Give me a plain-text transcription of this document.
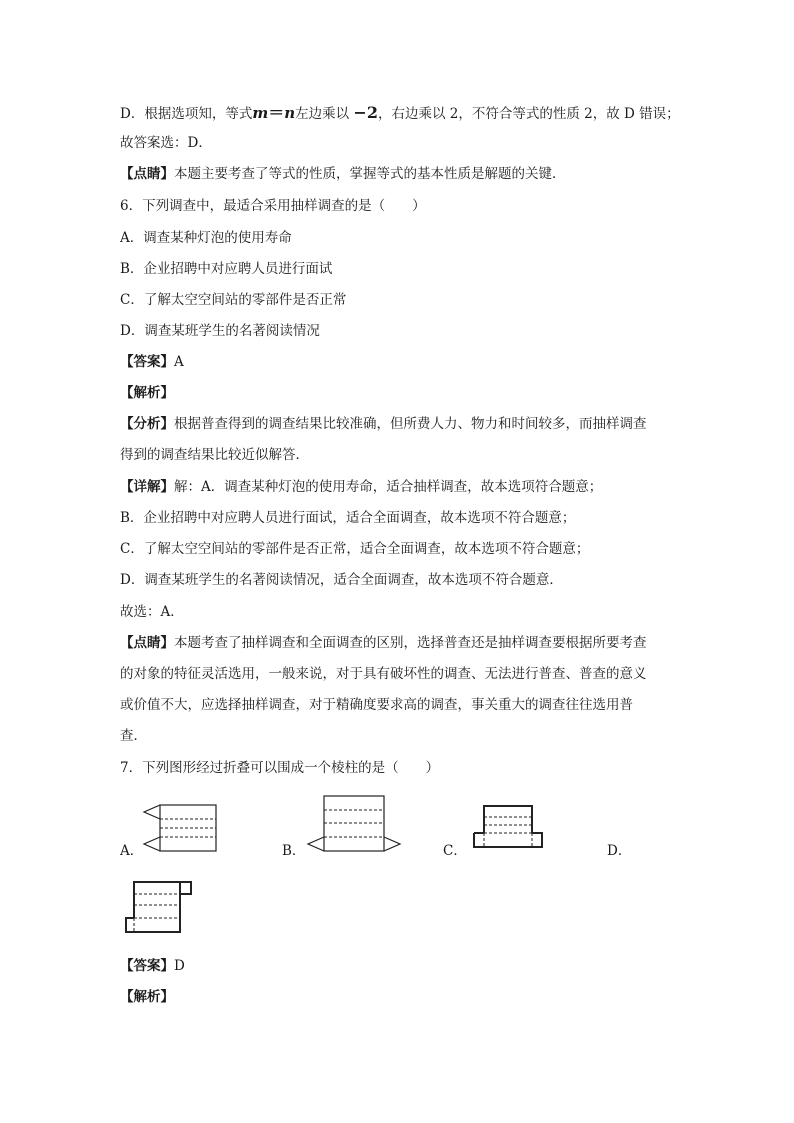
D．根据选项知，等式m＝n左边乘以 −2，右边乘以 2，不符合等式的性质 2，故 D 错误；
故答案选：D．
【点睛】本题主要考查了等式的性质，掌握等式的基本性质是解题的关键．
6．下列调查中，最适合采用抽样调查的是（　　）
A．调查某种灯泡的使用寿命
B．企业招聘中对应聘人员进行面试
C．了解太空空间站的零部件是否正常
D．调查某班学生的名著阅读情况
【答案】A
【解析】
【分析】根据普查得到的调查结果比较准确，但所费人力、物力和时间较多，而抽样调查
得到的调查结果比较近似解答．
【详解】解：A．调查某种灯泡的使用寿命，适合抽样调查，故本选项符合题意；
B．企业招聘中对应聘人员进行面试，适合全面调查，故本选项不符合题意；
C．了解太空空间站的零部件是否正常，适合全面调查，故本选项不符合题意；
D．调查某班学生的名著阅读情况，适合全面调查，故本选项不符合题意．
故选：A．
【点睛】本题考查了抽样调查和全面调查的区别，选择普查还是抽样调查要根据所要考查
的对象的特征灵活选用，一般来说，对于具有破坏性的调查、无法进行普查、普查的意义
或价值不大，应选择抽样调查，对于精确度要求高的调查，事关重大的调查往往选用普
查．
7．下列图形经过折叠可以围成一个棱柱的是（　　）
A．	B．	C．	D．
【答案】D
【解析】
